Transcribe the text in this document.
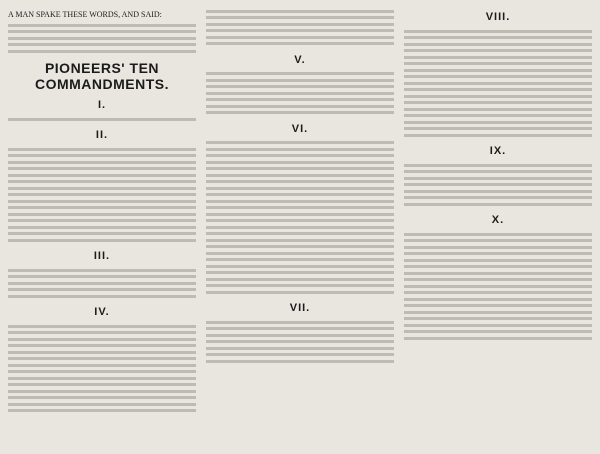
A MAN SPAKE THESE WORDS, AND SAID:
PIONEERS' TEN COMMANDMENTS.
I.
II.
III.
IV.
V.
VI.
VII.
VIII.
IX.
X.
